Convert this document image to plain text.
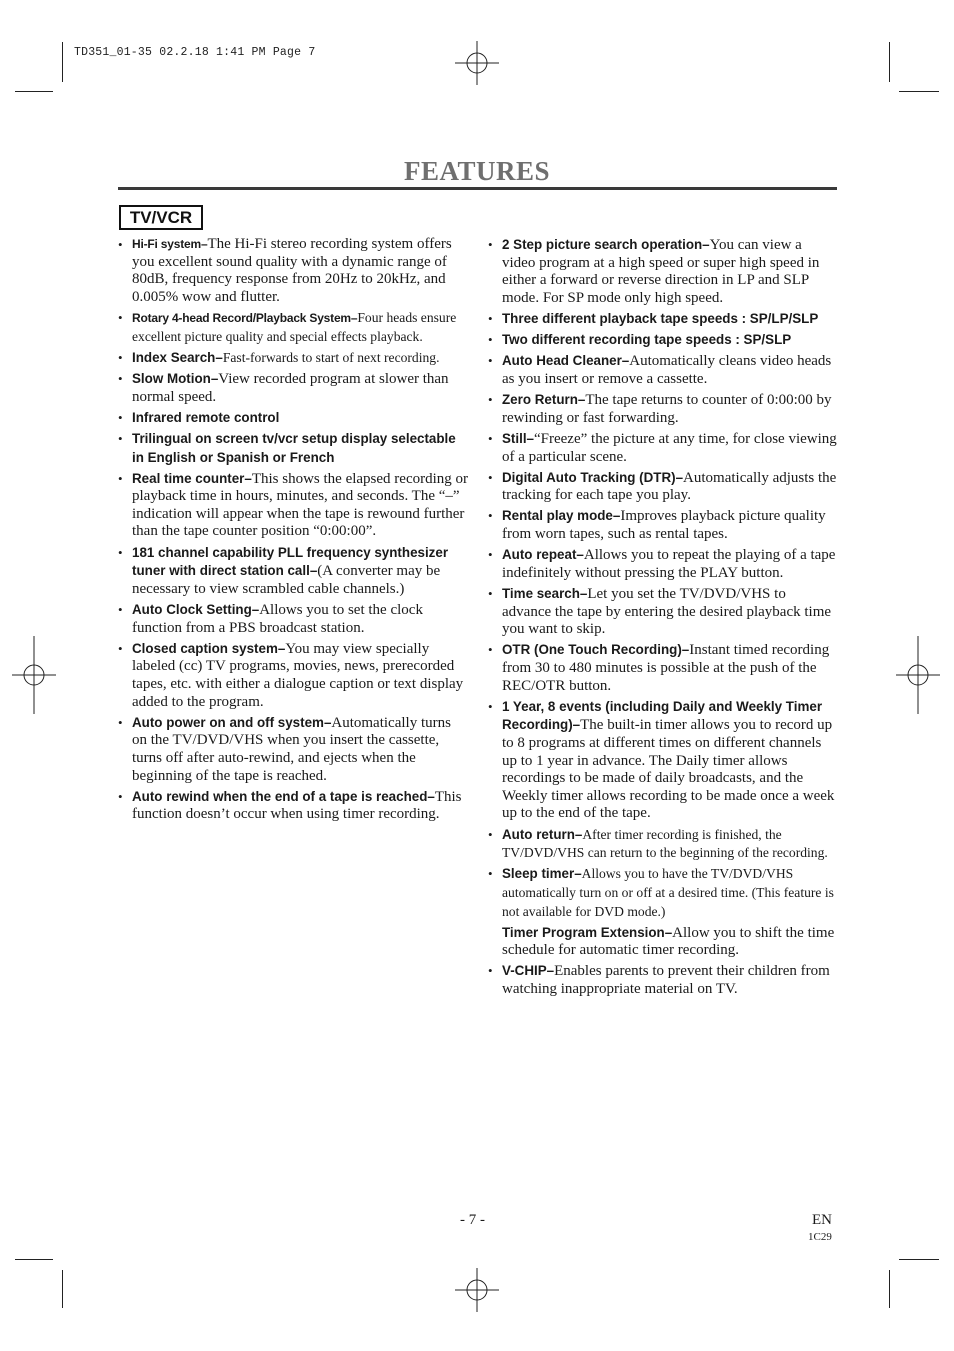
TD351_01-35 02.2.18 1:41 PM Page 7
FEATURES
TV/VCR
• Hi-Fi system–The Hi-Fi stereo recording system offers you excellent sound quality with a dynamic range of 80dB, frequency response from 20Hz to 20kHz, and 0.005% wow and flutter.
• Rotary 4-head Record/Playback System–Four heads ensure excellent picture quality and special effects playback.
• Index Search–Fast-forwards to start of next recording.
• Slow Motion–View recorded program at slower than normal speed.
• Infrared remote control
• Trilingual on screen tv/vcr setup display selectable in English or Spanish or French
• Real time counter–This shows the elapsed recording or playback time in hours, minutes, and seconds. The “–” indication will appear when the tape is rewound further than the tape counter position “0:00:00”.
• 181 channel capability PLL frequency synthesizer tuner with direct station call–(A converter may be necessary to view scrambled cable channels.)
• Auto Clock Setting–Allows you to set the clock function from a PBS broadcast station.
• Closed caption system–You may view specially labeled (cc) TV programs, movies, news, prerecorded tapes, etc. with either a dialogue caption or text display added to the program.
• Auto power on and off system–Automatically turns on the TV/DVD/VHS when you insert the cassette, turns off after auto-rewind, and ejects when the beginning of the tape is reached.
• Auto rewind when the end of a tape is reached–This function doesn’t occur when using timer recording.
• 2 Step picture search operation–You can view a video program at a high speed or super high speed in either a forward or reverse direction in LP and SLP mode. For SP mode only high speed.
• Three different playback tape speeds : SP/LP/SLP
• Two different recording tape speeds : SP/SLP
• Auto Head Cleaner–Automatically cleans video heads as you insert or remove a cassette.
• Zero Return–The tape returns to counter of 0:00:00 by rewinding or fast forwarding.
• Still–“Freeze” the picture at any time, for close viewing of a particular scene.
• Digital Auto Tracking (DTR)–Automatically adjusts the tracking for each tape you play.
• Rental play mode–Improves playback picture quality from worn tapes, such as rental tapes.
• Auto repeat–Allows you to repeat the playing of a tape indefinitely without pressing the PLAY button.
• Time search–Let you set the TV/DVD/VHS to advance the tape by entering the desired playback time you want to skip.
• OTR (One Touch Recording)–Instant timed recording from 30 to 480 minutes is possible at the push of the REC/OTR button.
• 1 Year, 8 events (including Daily and Weekly Timer Recording)–The built-in timer allows you to record up to 8 programs at different times on different channels up to 1 year in advance. The Daily timer allows recordings to be made of daily broadcasts, and the Weekly timer allows recording to be made once a week up to the end of the tape.
• Auto return–After timer recording is finished, the TV/DVD/VHS can return to the beginning of the recording.
• Sleep timer–Allows you to have the TV/DVD/VHS automatically turn on or off at a desired time. (This feature is not available for DVD mode.)
Timer Program Extension–Allow you to shift the time schedule for automatic timer recording.
• V-CHIP–Enables parents to prevent their children from watching inappropriate material on TV.
- 7 -	EN
1C29
